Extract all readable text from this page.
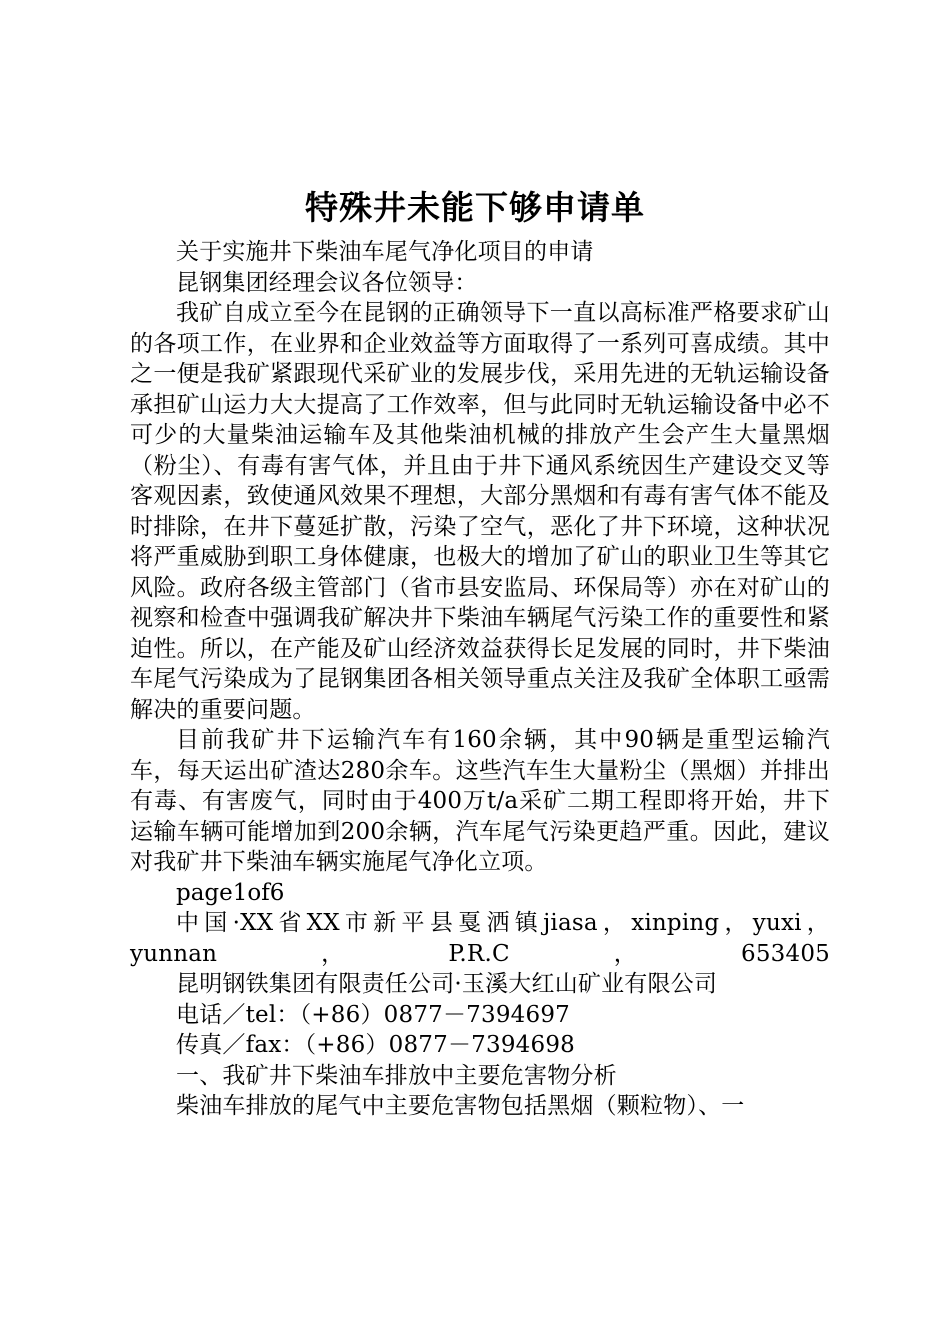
特殊井未能下够申请单

关于实施井下柴油车尾气净化项目的申请

昆钢集团经理会议各位领导：

我矿自成立至今在昆钢的正确领导下一直以高标准严格要求矿山的各项工作，在业界和企业效益等方面取得了一系列可喜成绩。其中之一便是我矿紧跟现代采矿业的发展步伐，采用先进的无轨运输设备承担矿山运力大大提高了工作效率，但与此同时无轨运输设备中必不可少的大量柴油运输车及其他柴油机械的排放产生会产生大量黑烟（粉尘）、有毒有害气体，并且由于井下通风系统因生产建设交叉等客观因素，致使通风效果不理想，大部分黑烟和有毒有害气体不能及时排除，在井下蔓延扩散，污染了空气，恶化了井下环境，这种状况将严重威胁到职工身体健康，也极大的增加了矿山的职业卫生等其它风险。政府各级主管部门（省市县安监局、环保局等）亦在对矿山的视察和检查中强调我矿解决井下柴油车辆尾气污染工作的重要性和紧迫性。所以，在产能及矿山经济效益获得长足发展的同时，井下柴油车尾气污染成为了昆钢集团各相关领导重点关注及我矿全体职工亟需解决的重要问题。

目前我矿井下运输汽车有160余辆，其中90辆是重型运输汽车，每天运出矿渣达280余车。这些汽车生大量粉尘（黑烟）并排出有毒、有害废气，同时由于400万t/a采矿二期工程即将开始，井下运输车辆可能增加到200余辆，汽车尾气污染更趋严重。因此，建议对我矿井下柴油车辆实施尾气净化立项。

page1of6

中国·XX省XX市新平县戛洒镇jiasa，xinping，yuxi，yunnan，P.R.C，653405

昆明钢铁集团有限责任公司·玉溪大红山矿业有限公司

电话／tel：（+86）0877－7394697

传真／fax：（+86）0877－7394698

一、我矿井下柴油车排放中主要危害物分析

柴油车排放的尾气中主要危害物包括黑烟（颗粒物）、一
